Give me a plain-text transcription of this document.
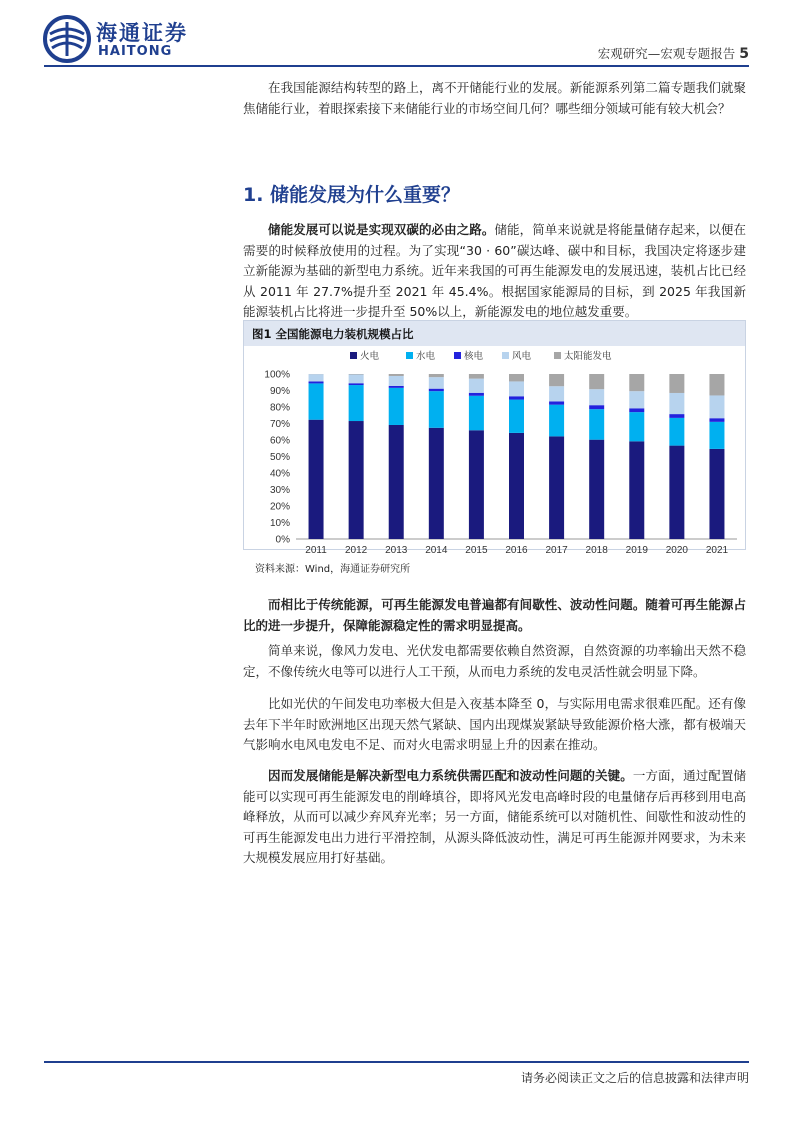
海通证券
HAITONG	宏观研究—宏观专题报告 5
在我国能源结构转型的路上，离不开储能行业的发展。新能源系列第二篇专题我们就聚焦储能行业，着眼探索接下来储能行业的市场空间几何？哪些细分领域可能有较大机会？
1. 储能发展为什么重要？
储能发展可以说是实现双碳的必由之路。储能，简单来说就是将能量储存起来，以便在需要的时候释放使用的过程。为了实现“30 · 60”碳达峰、碳中和目标，我国决定将逐步建立新能源为基础的新型电力系统。近年来我国的可再生能源发电的发展迅速，装机占比已经从 2011 年 27.7%提升至 2021 年 45.4%。根据国家能源局的目标，到 2025 年我国新能源装机占比将进一步提升至 50%以上，新能源发电的地位越发重要。
图1 全国能源电力装机规模占比
0%
10%
20%
30%
40%
50%
60%
70%
80%
90%
100%
2011 2012 2013 2014 2015 2016 2017 2018 2019 2020 2021
火电	水电	核电	风电	太阳能发电
资料来源：Wind，海通证券研究所
而相比于传统能源，可再生能源发电普遍都有间歇性、波动性问题。随着可再生能源占比的进一步提升，保障能源稳定性的需求明显提高。
简单来说，像风力发电、光伏发电都需要依赖自然资源，自然资源的功率输出天然不稳定，不像传统火电等可以进行人工干预，从而电力系统的发电灵活性就会明显下降。
比如光伏的午间发电功率极大但是入夜基本降至 0，与实际用电需求很难匹配。还有像去年下半年时欧洲地区出现天然气紧缺、国内出现煤炭紧缺导致能源价格大涨，都有极端天气影响水电风电发电不足、而对火电需求明显上升的因素在推动。
因而发展储能是解决新型电力系统供需匹配和波动性问题的关键。一方面，通过配置储能可以实现可再生能源发电的削峰填谷，即将风光发电高峰时段的电量储存后再移到用电高峰释放，从而可以减少弃风弃光率；另一方面，储能系统可以对随机性、间歇性和波动性的可再生能源发电出力进行平滑控制，从源头降低波动性，满足可再生能源并网要求，为未来大规模发展应用打好基础。
请务必阅读正文之后的信息披露和法律声明
